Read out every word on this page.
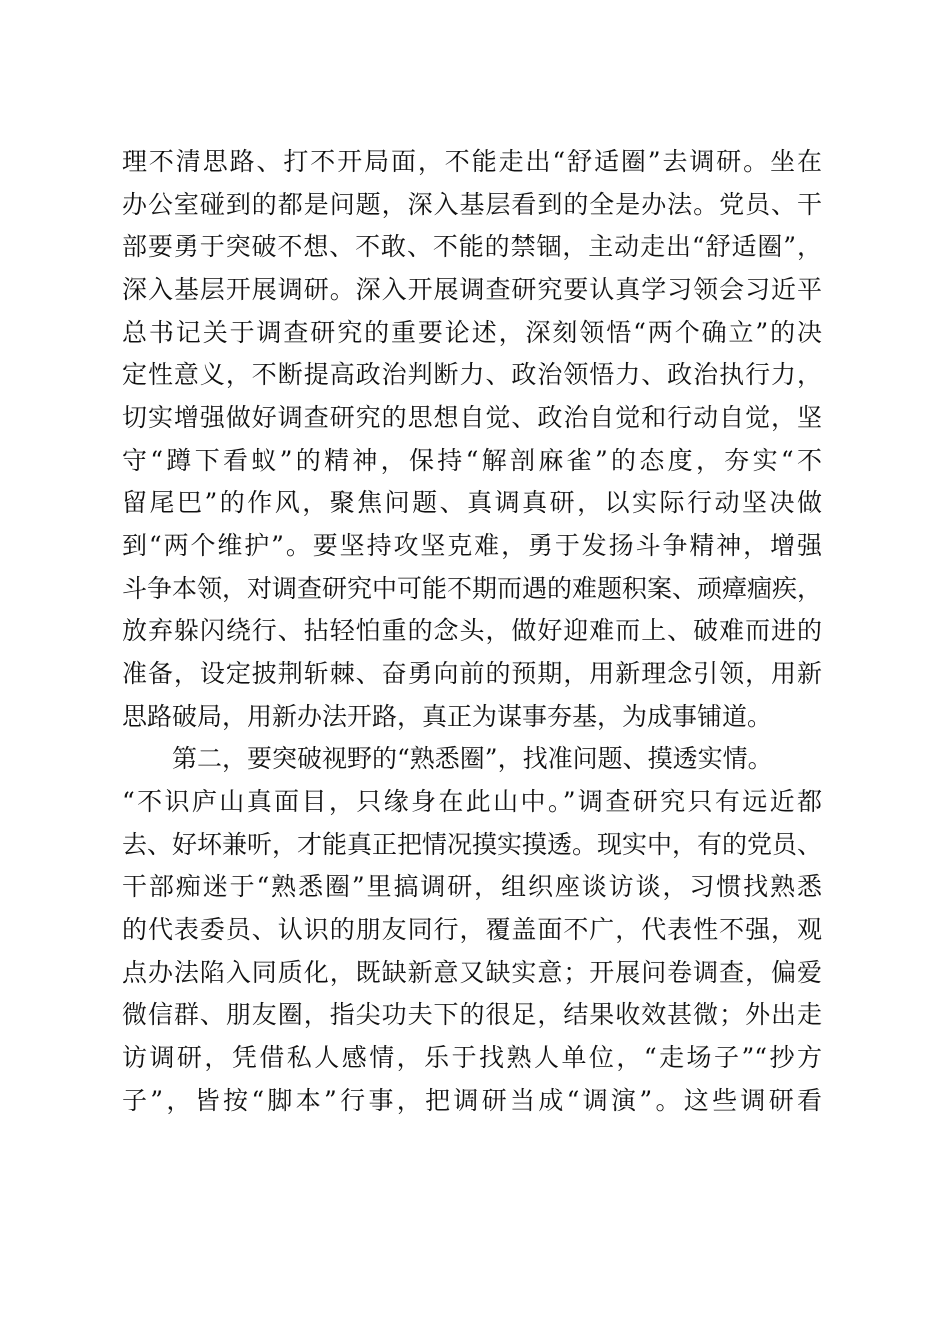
理不清思路、打不开局面，不能走出“舒适圈”去调研。坐在
办公室碰到的都是问题，深入基层看到的全是办法。党员、干
部要勇于突破不想、不敢、不能的禁锢，主动走出“舒适圈”，
深入基层开展调研。深入开展调查研究要认真学习领会习近平
总书记关于调查研究的重要论述，深刻领悟“两个确立”的决
定性意义，不断提高政治判断力、政治领悟力、政治执行力，
切实增强做好调查研究的思想自觉、政治自觉和行动自觉，坚
守“蹲下看蚁”的精神，保持“解剖麻雀”的态度，夯实“不
留尾巴”的作风，聚焦问题、真调真研，以实际行动坚决做
到“两个维护”。要坚持攻坚克难，勇于发扬斗争精神，增强
斗争本领，对调查研究中可能不期而遇的难题积案、顽瘴痼疾，
放弃躲闪绕行、拈轻怕重的念头，做好迎难而上、破难而进的
准备，设定披荆斩棘、奋勇向前的预期，用新理念引领，用新
思路破局，用新办法开路，真正为谋事夯基，为成事铺道。
第二，要突破视野的“熟悉圈”，找准问题、摸透实情。
“不识庐山真面目，只缘身在此山中。”调查研究只有远近都
去、好坏兼听，才能真正把情况摸实摸透。现实中，有的党员、
干部痴迷于“熟悉圈”里搞调研，组织座谈访谈，习惯找熟悉
的代表委员、认识的朋友同行，覆盖面不广，代表性不强，观
点办法陷入同质化，既缺新意又缺实意；开展问卷调查，偏爱
微信群、朋友圈，指尖功夫下的很足，结果收效甚微；外出走
访调研，凭借私人感情，乐于找熟人单位，“走场子”“抄方
子”，皆按“脚本”行事，把调研当成“调演”。这些调研看
